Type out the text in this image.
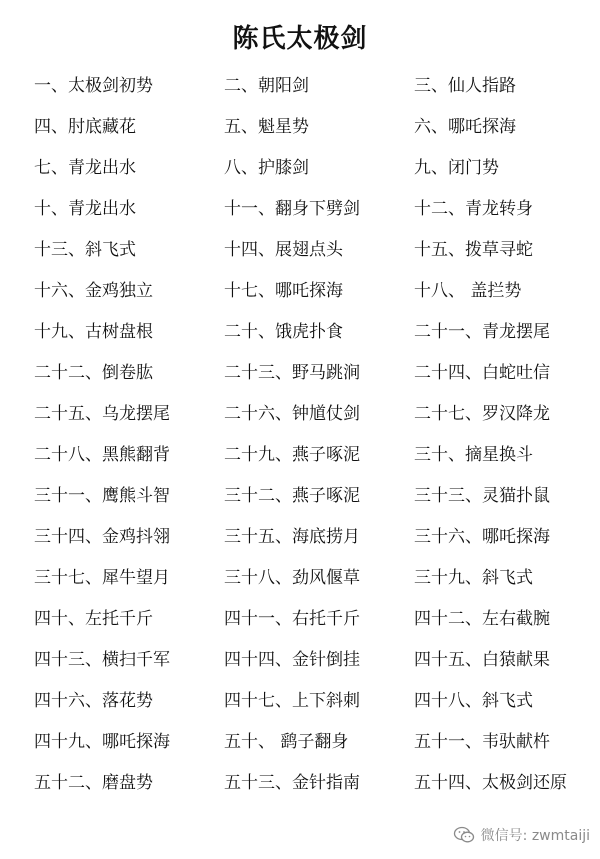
陈氏太极剑
一、太极剑初势	二、朝阳剑	三、仙人指路
四、肘底藏花	五、魁星势	六、哪吒探海
七、青龙出水	八、护膝剑	九、闭门势
十、青龙出水	十一、翻身下劈剑	十二、青龙转身
十三、斜飞式	十四、展翅点头	十五、拨草寻蛇
十六、金鸡独立	十七、哪吒探海	十八、 盖拦势
十九、古树盘根	二十、饿虎扑食	二十一、青龙摆尾
二十二、倒卷肱	二十三、野马跳涧	二十四、白蛇吐信
二十五、乌龙摆尾	二十六、钟馗仗剑	二十七、罗汉降龙
二十八、黑熊翻背	二十九、燕子啄泥	三十、摘星换斗
三十一、鹰熊斗智	三十二、燕子啄泥	三十三、灵猫扑鼠
三十四、金鸡抖翎	三十五、海底捞月	三十六、哪吒探海
三十七、犀牛望月	三十八、劲风偃草	三十九、斜飞式
四十、左托千斤	四十一、右托千斤	四十二、左右截腕
四十三、横扫千军	四十四、金针倒挂	四十五、白猿献果
四十六、落花势	四十七、上下斜刺	四十八、斜飞式
四十九、哪吒探海	五十、 鹞子翻身	五十一、韦驮献杵
五十二、磨盘势	五十三、金针指南	五十四、太极剑还原
微信号: zwmtaiji
